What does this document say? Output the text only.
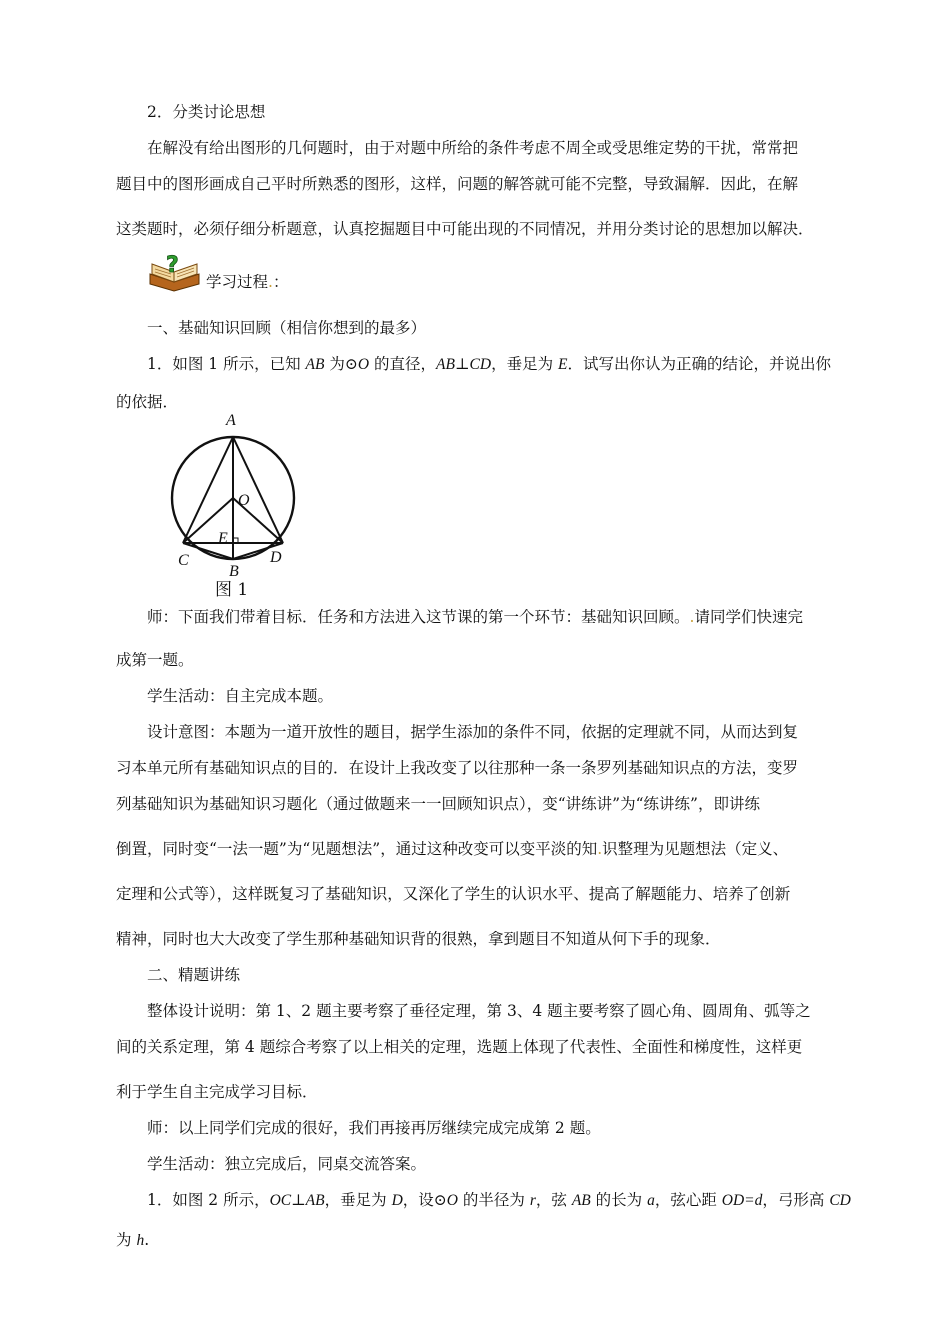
2．分类讨论思想
在解没有给出图形的几何题时，由于对题中所给的条件考虑不周全或受思维定势的干扰，常常把
题目中的图形画成自己平时所熟悉的图形，这样，问题的解答就可能不完整，导致漏解．因此，在解
这类题时，必须仔细分析题意，认真挖掘题目中可能出现的不同情况，并用分类讨论的思想加以解决．
?
学习过程.：
一、基础知识回顾（相信你想到的最多）
1．如图 1 所示，已知 AB 为⊙O 的直径，AB⊥CD，垂足为 E．试写出你认为正确的结论，并说出你
的依据．
A
O
E
C	D
B
图 1
师：下面我们带着目标．任务和方法进入这节课的第一个环节：基础知识回顾。.请同学们快速完
成第一题。
学生活动：自主完成本题。
设计意图：本题为一道开放性的题目，据学生添加的条件不同，依据的定理就不同，从而达到复
习本单元所有基础知识点的目的．在设计上我改变了以往那种一条一条罗列基础知识点的方法，变罗
列基础知识为基础知识习题化（通过做题来一一回顾知识点），变“讲练讲”为“练讲练”，即讲练
倒置，同时变“一法一题”为“见题想法”，通过这种改变可以变平淡的知.识整理为见题想法（定义、
定理和公式等），这样既复习了基础知识，又深化了学生的认识水平、提高了解题能力、培养了创新
精神，同时也大大改变了学生那种基础知识背的很熟，拿到题目不知道从何下手的现象．
二、精题讲练
整体设计说明：第 1、2 题主要考察了垂径定理，第 3、4 题主要考察了圆心角、圆周角、弧等之
间的关系定理，第 4 题综合考察了以上相关的定理，选题上体现了代表性、全面性和梯度性，这样更
利于学生自主完成学习目标．
师：以上同学们完成的很好，我们再接再厉继续完成完成第 2 题。
学生活动：独立完成后，同桌交流答案。
1．如图 2 所示，OC⊥AB，垂足为 D，设⊙O 的半径为 r，弦 AB 的长为 a，弦心距 OD=d，弓形高 CD
为 h.
